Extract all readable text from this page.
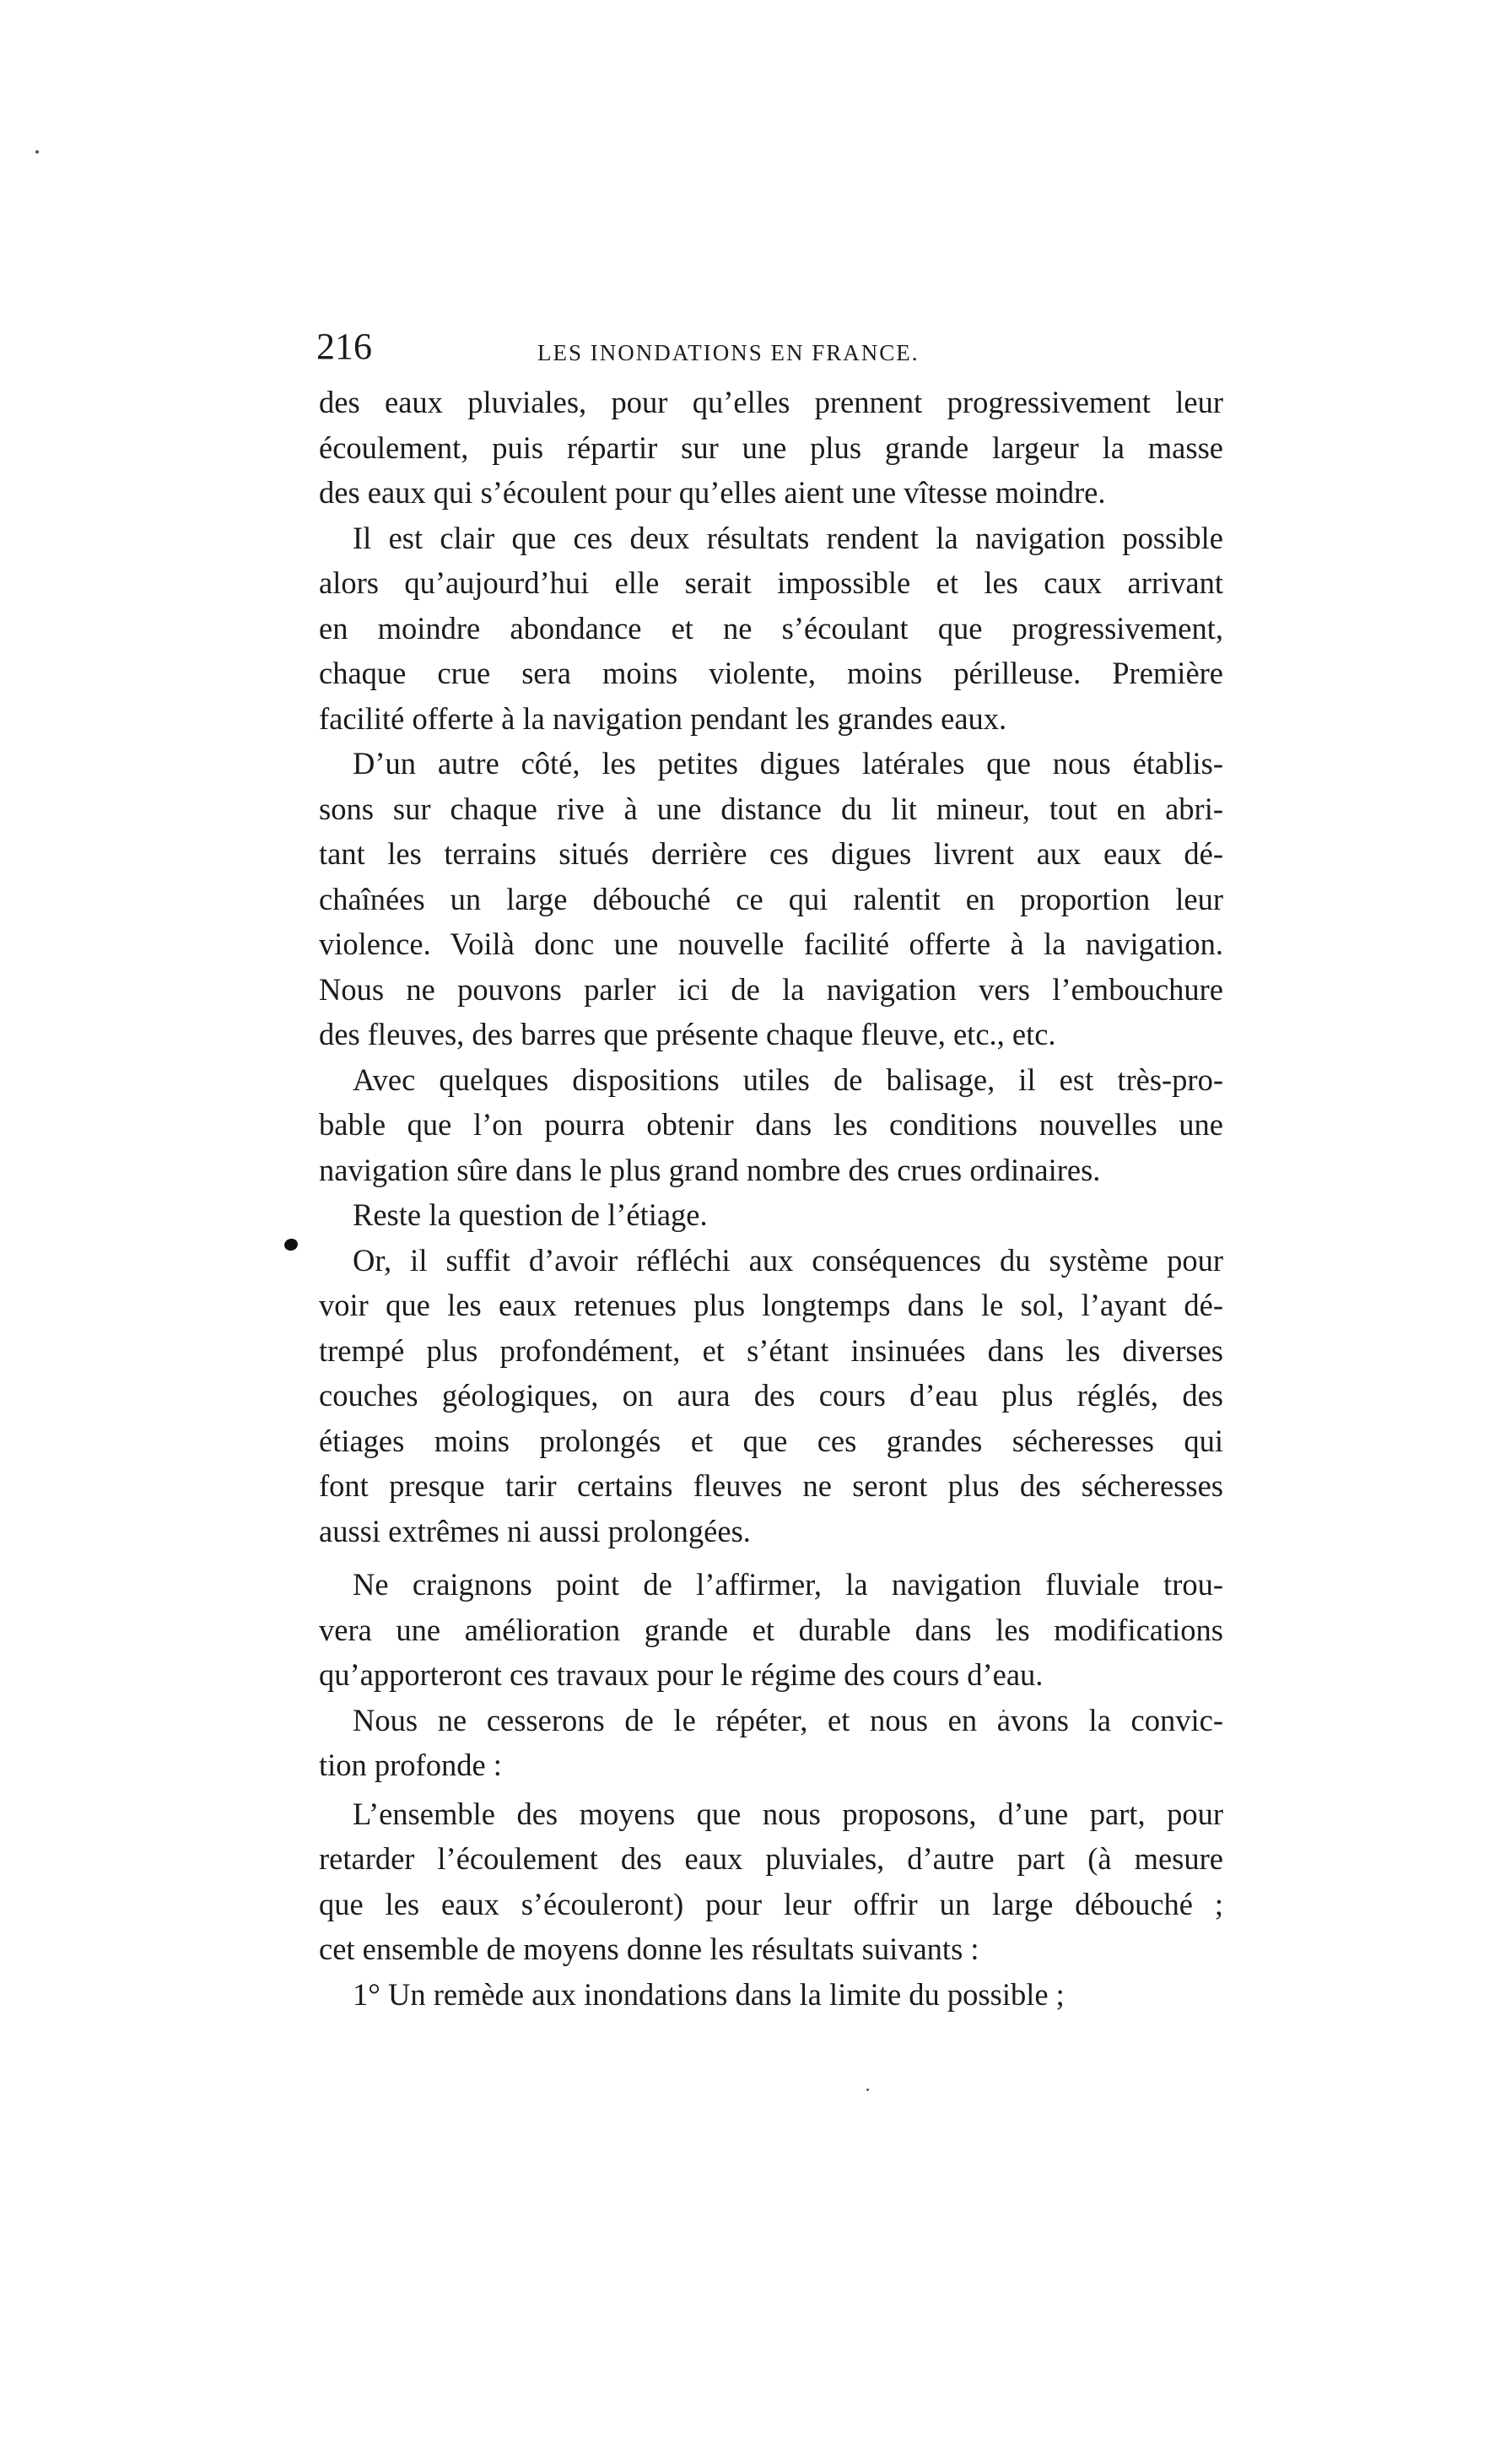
216	LES INONDATIONS EN FRANCE.
des eaux pluviales, pour qu’elles prennent progressivement leur
écoulement, puis répartir sur une plus grande largeur la masse
des eaux qui s’écoulent pour qu’elles aient une vîtesse moindre.
Il est clair que ces deux résultats rendent la navigation possible
alors qu’aujourd’hui elle serait impossible et les caux arrivant
en moindre abondance et ne s’écoulant que progressivement,
chaque crue sera moins violente, moins périlleuse. Première
facilité offerte à la navigation pendant les grandes eaux.
D’un autre côté, les petites digues latérales que nous établis-
sons sur chaque rive à une distance du lit mineur, tout en abri-
tant les terrains situés derrière ces digues livrent aux eaux dé-
chaînées un large débouché ce qui ralentit en proportion leur
violence. Voilà donc une nouvelle facilité offerte à la navigation.
Nous ne pouvons parler ici de la navigation vers l’embouchure
des fleuves, des barres que présente chaque fleuve, etc., etc.
Avec quelques dispositions utiles de balisage, il est très-pro-
bable que l’on pourra obtenir dans les conditions nouvelles une
navigation sûre dans le plus grand nombre des crues ordinaires.
Reste la question de l’étiage.
Or, il suffit d’avoir réfléchi aux conséquences du système pour
voir que les eaux retenues plus longtemps dans le sol, l’ayant dé-
trempé plus profondément, et s’étant insinuées dans les diverses
couches géologiques, on aura des cours d’eau plus réglés, des
étiages moins prolongés et que ces grandes sécheresses qui
font presque tarir certains fleuves ne seront plus des sécheresses
aussi extrêmes ni aussi prolongées.
Ne craignons point de l’affirmer, la navigation fluviale trou-
vera une amélioration grande et durable dans les modifications
qu’apporteront ces travaux pour le régime des cours d’eau.
Nous ne cesserons de le répéter, et nous en avons la convic-
tion profonde :
L’ensemble des moyens que nous proposons, d’une part, pour
retarder l’écoulement des eaux pluviales, d’autre part (à mesure
que les eaux s’écouleront) pour leur offrir un large débouché ;
cet ensemble de moyens donne les résultats suivants :
1° Un remède aux inondations dans la limite du possible ;
